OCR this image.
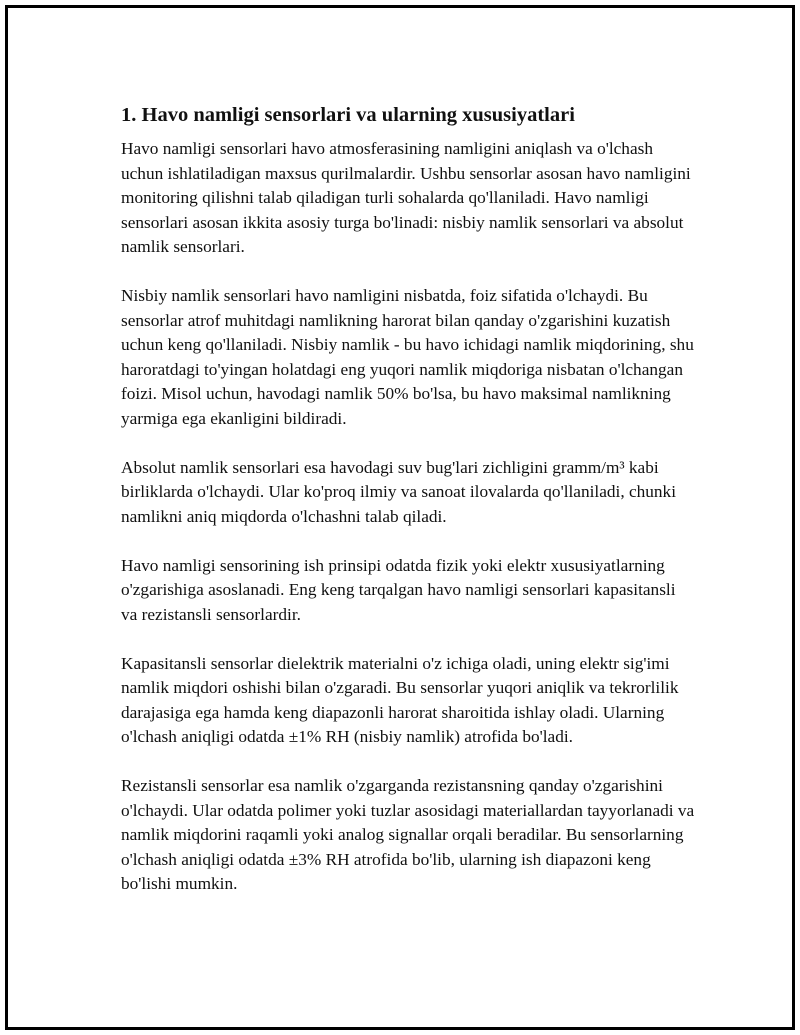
1. Havo namligi sensorlari va ularning xususiyatlari

Havo namligi sensorlari havo atmosferasining namligini aniqlash va o'lchash uchun ishlatiladigan maxsus qurilmalardir. Ushbu sensorlar asosan havo namligini monitoring qilishni talab qiladigan turli sohalarda qo'llaniladi. Havo namligi sensorlari asosan ikkita asosiy turga bo'linadi: nisbiy namlik sensorlari va absolut namlik sensorlari.

Nisbiy namlik sensorlari havo namligini nisbatda, foiz sifatida o'lchaydi. Bu sensorlar atrof muhitdagi namlikning harorat bilan qanday o'zgarishini kuzatish uchun keng qo'llaniladi. Nisbiy namlik - bu havo ichidagi namlik miqdorining, shu haroratdagi to'yingan holatdagi eng yuqori namlik miqdoriga nisbatan o'lchangan foizi. Misol uchun, havodagi namlik 50% bo'lsa, bu havo maksimal namlikning yarmiga ega ekanligini bildiradi.

Absolut namlik sensorlari esa havodagi suv bug'lari zichligini gramm/m³ kabi birliklarda o'lchaydi. Ular ko'proq ilmiy va sanoat ilovalarda qo'llaniladi, chunki namlikni aniq miqdorda o'lchashni talab qiladi.

Havo namligi sensorining ish prinsipi odatda fizik yoki elektr xususiyatlarning o'zgarishiga asoslanadi. Eng keng tarqalgan havo namligi sensorlari kapasitansli va rezistansli sensorlardir.

Kapasitansli sensorlar dielektrik materialni o'z ichiga oladi, uning elektr sig'imi namlik miqdori oshishi bilan o'zgaradi. Bu sensorlar yuqori aniqlik va tekrorlilik darajasiga ega hamda keng diapazonli harorat sharoitida ishlay oladi. Ularning o'lchash aniqligi odatda ±1% RH (nisbiy namlik) atrofida bo'ladi.

Rezistansli sensorlar esa namlik o'zgarganda rezistansning qanday o'zgarishini o'lchaydi. Ular odatda polimer yoki tuzlar asosidagi materiallardan tayyorlanadi va namlik miqdorini raqamli yoki analog signallar orqali beradilar. Bu sensorlarning o'lchash aniqligi odatda ±3% RH atrofida bo'lib, ularning ish diapazoni keng bo'lishi mumkin.
